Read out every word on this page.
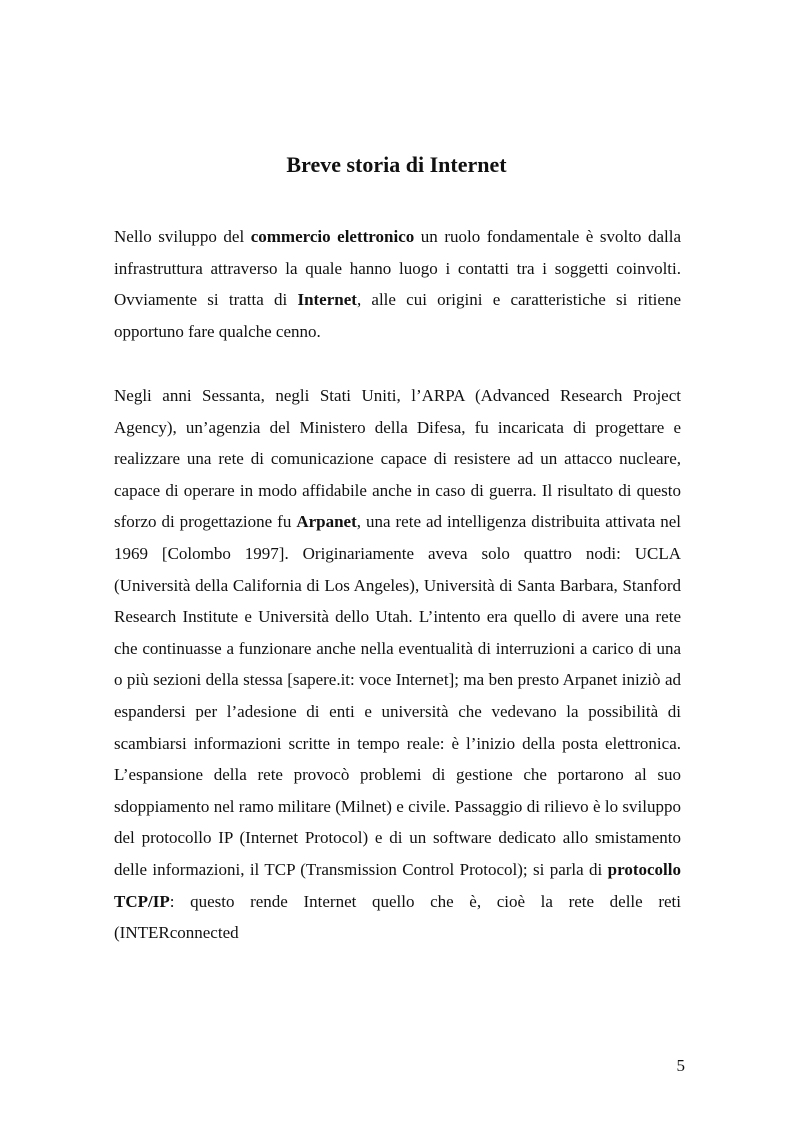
Breve storia di Internet

Nello sviluppo del commercio elettronico un ruolo fondamentale è svolto dalla infrastruttura attraverso la quale hanno luogo i contatti tra i soggetti coinvolti. Ovviamente si tratta di Internet, alle cui origini e caratteristiche si ritiene opportuno fare qualche cenno.

Negli anni Sessanta, negli Stati Uniti, l’ARPA (Advanced Research Project Agency), un’agenzia del Ministero della Difesa, fu incaricata di progettare e realizzare una rete di comunicazione capace di resistere ad un attacco nucleare, capace di operare in modo affidabile anche in caso di guerra. Il risultato di questo sforzo di progettazione fu Arpanet, una rete ad intelligenza distribuita attivata nel 1969 [Colombo 1997]. Originariamente aveva solo quattro nodi: UCLA (Università della California di Los Angeles), Università di Santa Barbara, Stanford Research Institute e Università dello Utah. L’intento era quello di avere una rete che continuasse a funzionare anche nella eventualità di interruzioni a carico di una o più sezioni della stessa [sapere.it: voce Internet]; ma ben presto Arpanet iniziò ad espandersi per l’adesione di enti e università che vedevano la possibilità di scambiarsi informazioni scritte in tempo reale: è l’inizio della posta elettronica. L’espansione della rete provocò problemi di gestione che portarono al suo sdoppiamento nel ramo militare (Milnet) e civile. Passaggio di rilievo è lo sviluppo del protocollo IP (Internet Protocol) e di un software dedicato allo smistamento delle informazioni, il TCP (Transmission Control Protocol); si parla di protocollo TCP/IP: questo rende Internet quello che è, cioè la rete delle reti (INTERconnected

5
